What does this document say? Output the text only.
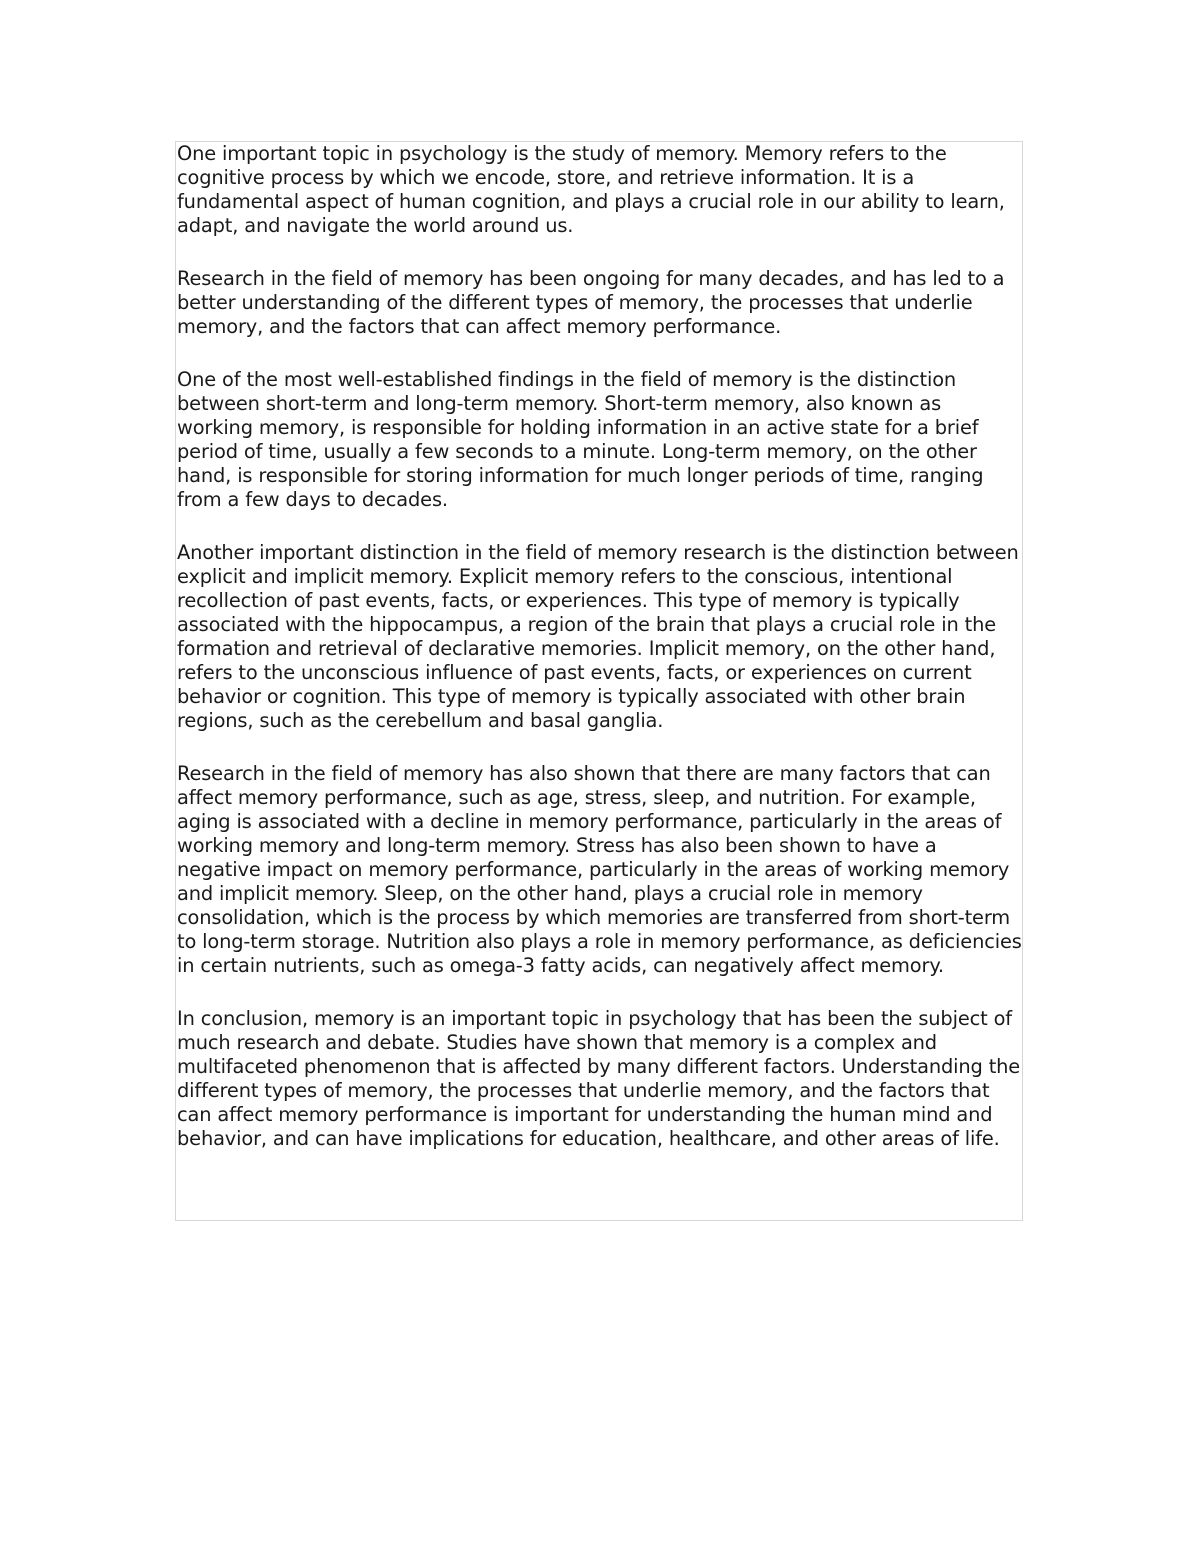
One important topic in psychology is the study of memory. Memory refers to the cognitive process by which we encode, store, and retrieve information. It is a fundamental aspect of human cognition, and plays a crucial role in our ability to learn, adapt, and navigate the world around us.

Research in the field of memory has been ongoing for many decades, and has led to a better understanding of the different types of memory, the processes that underlie memory, and the factors that can affect memory performance.

One of the most well-established findings in the field of memory is the distinction between short-term and long-term memory. Short-term memory, also known as working memory, is responsible for holding information in an active state for a brief period of time, usually a few seconds to a minute. Long-term memory, on the other hand, is responsible for storing information for much longer periods of time, ranging from a few days to decades.

Another important distinction in the field of memory research is the distinction between explicit and implicit memory. Explicit memory refers to the conscious, intentional recollection of past events, facts, or experiences. This type of memory is typically associated with the hippocampus, a region of the brain that plays a crucial role in the formation and retrieval of declarative memories. Implicit memory, on the other hand, refers to the unconscious influence of past events, facts, or experiences on current behavior or cognition. This type of memory is typically associated with other brain regions, such as the cerebellum and basal ganglia.

Research in the field of memory has also shown that there are many factors that can affect memory performance, such as age, stress, sleep, and nutrition. For example, aging is associated with a decline in memory performance, particularly in the areas of working memory and long-term memory. Stress has also been shown to have a negative impact on memory performance, particularly in the areas of working memory and implicit memory. Sleep, on the other hand, plays a crucial role in memory consolidation, which is the process by which memories are transferred from short-term to long-term storage. Nutrition also plays a role in memory performance, as deficiencies in certain nutrients, such as omega-3 fatty acids, can negatively affect memory.

In conclusion, memory is an important topic in psychology that has been the subject of much research and debate. Studies have shown that memory is a complex and multifaceted phenomenon that is affected by many different factors. Understanding the different types of memory, the processes that underlie memory, and the factors that can affect memory performance is important for understanding the human mind and behavior, and can have implications for education, healthcare, and other areas of life.
